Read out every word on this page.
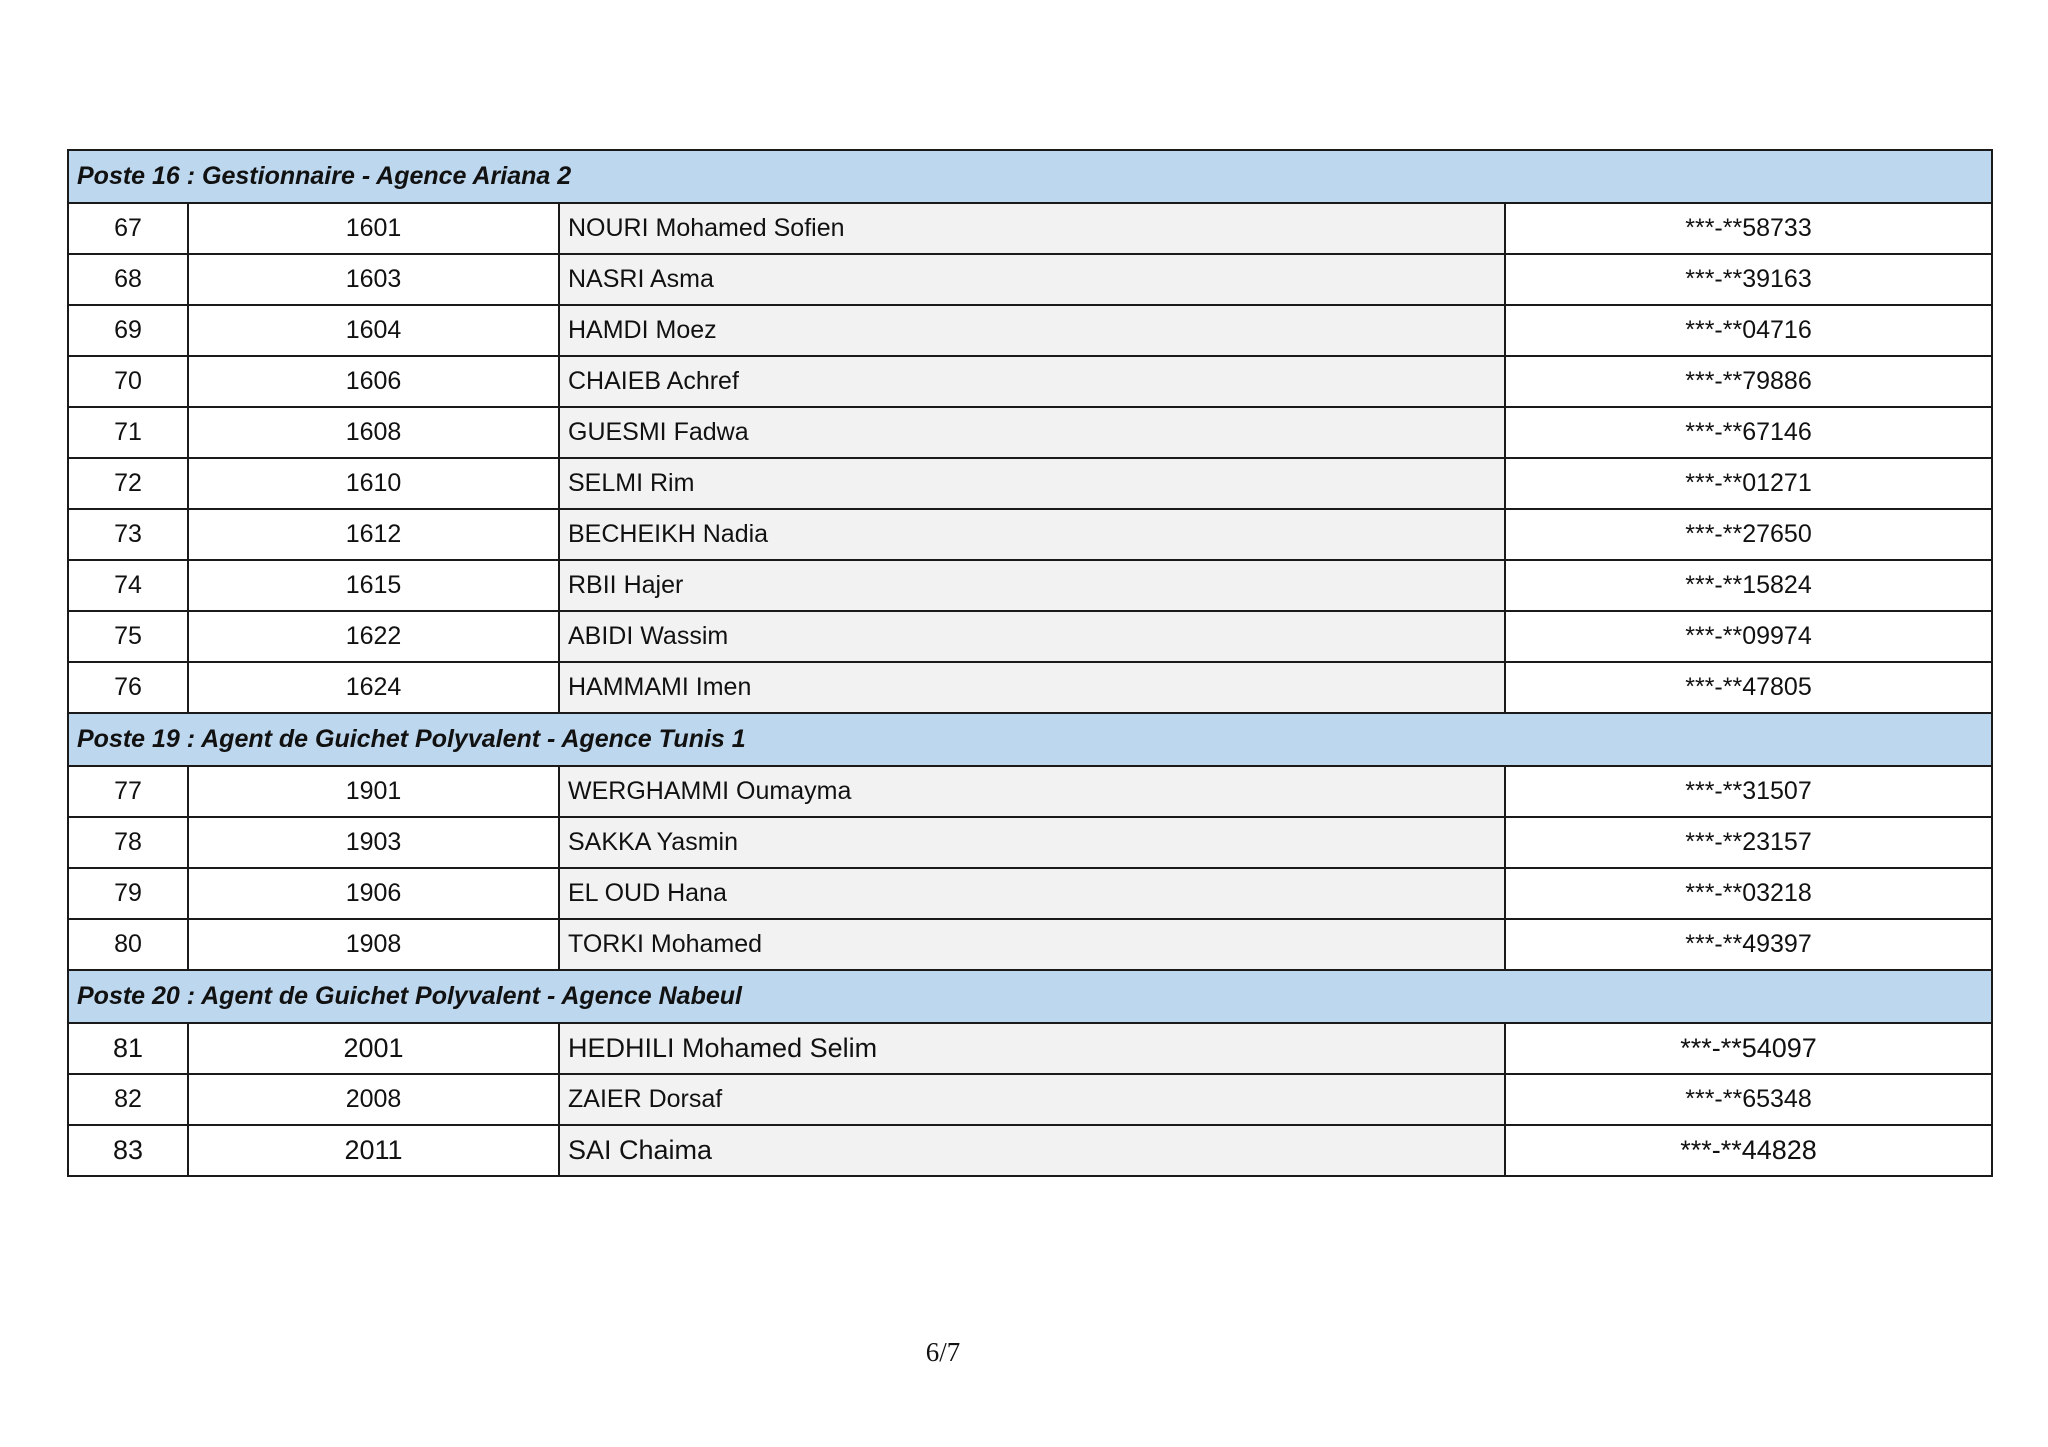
Poste 16 : Gestionnaire - Agence Ariana 2			
67	1601	NOURI Mohamed Sofien	***-**58733
68	1603	NASRI Asma	***-**39163
69	1604	HAMDI Moez	***-**04716
70	1606	CHAIEB Achref	***-**79886
71	1608	GUESMI Fadwa	***-**67146
72	1610	SELMI Rim	***-**01271
73	1612	BECHEIKH Nadia	***-**27650
74	1615	RBII Hajer	***-**15824
75	1622	ABIDI Wassim	***-**09974
76	1624	HAMMAMI Imen	***-**47805
Poste 19 : Agent de Guichet Polyvalent - Agence Tunis 1			
77	1901	WERGHAMMI Oumayma	***-**31507
78	1903	SAKKA Yasmin	***-**23157
79	1906	EL OUD Hana	***-**03218
80	1908	TORKI Mohamed	***-**49397
Poste 20 : Agent de Guichet Polyvalent - Agence Nabeul			
81	2001	HEDHILI Mohamed Selim	***-**54097
82	2008	ZAIER Dorsaf	***-**65348
83	2011	SAI Chaima	***-**44828
6/7
